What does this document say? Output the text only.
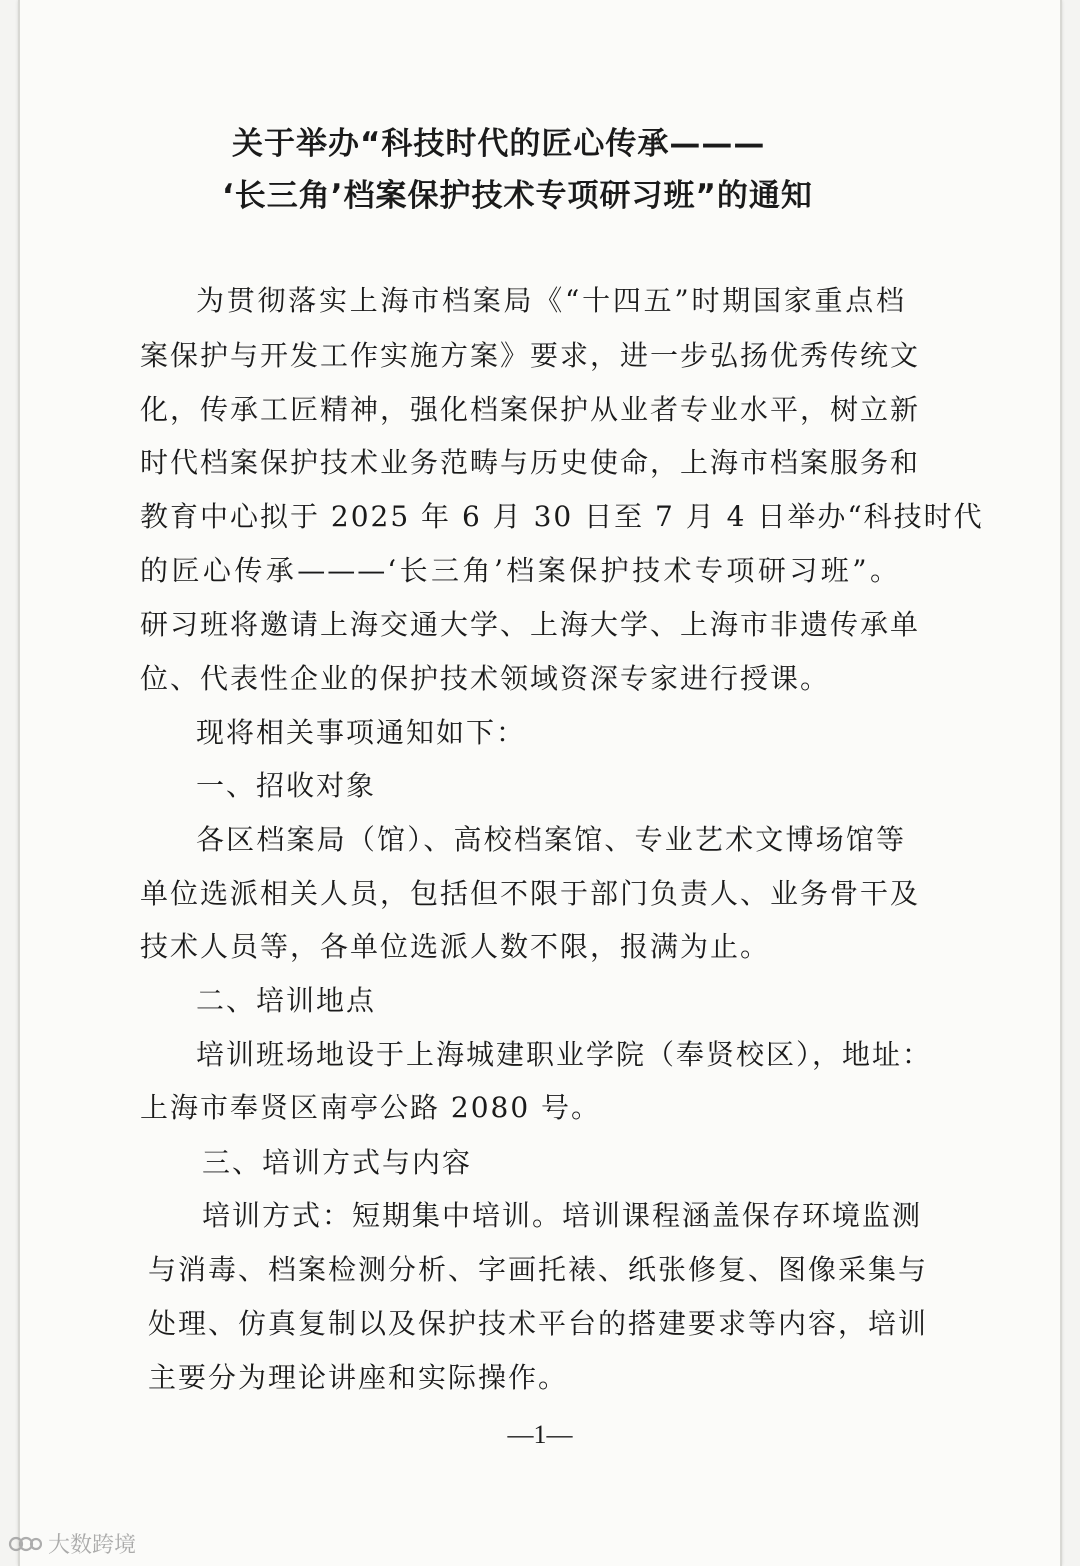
关于举办“科技时代的匠心传承———
‘长三角’档案保护技术专项研习班”的通知
为贯彻落实上海市档案局《“十四五”时期国家重点档
案保护与开发工作实施方案》要求，进一步弘扬优秀传统文
化，传承工匠精神，强化档案保护从业者专业水平，树立新
时代档案保护技术业务范畴与历史使命，上海市档案服务和
教育中心拟于 2025 年 6 月 30 日至 7 月 4 日举办“科技时代
的匠心传承———‘长三角’档案保护技术专项研习班”。
研习班将邀请上海交通大学、上海大学、上海市非遗传承单
位、代表性企业的保护技术领域资深专家进行授课。
现将相关事项通知如下：
一、招收对象
各区档案局（馆）、高校档案馆、专业艺术文博场馆等
单位选派相关人员，包括但不限于部门负责人、业务骨干及
技术人员等，各单位选派人数不限，报满为止。
二、培训地点
培训班场地设于上海城建职业学院（奉贤校区），地址：
上海市奉贤区南亭公路 2080 号。
三、培训方式与内容
培训方式：短期集中培训。培训课程涵盖保存环境监测
与消毒、档案检测分析、字画托裱、纸张修复、图像采集与
处理、仿真复制以及保护技术平台的搭建要求等内容，培训
主要分为理论讲座和实际操作。
—1—
大数跨境
